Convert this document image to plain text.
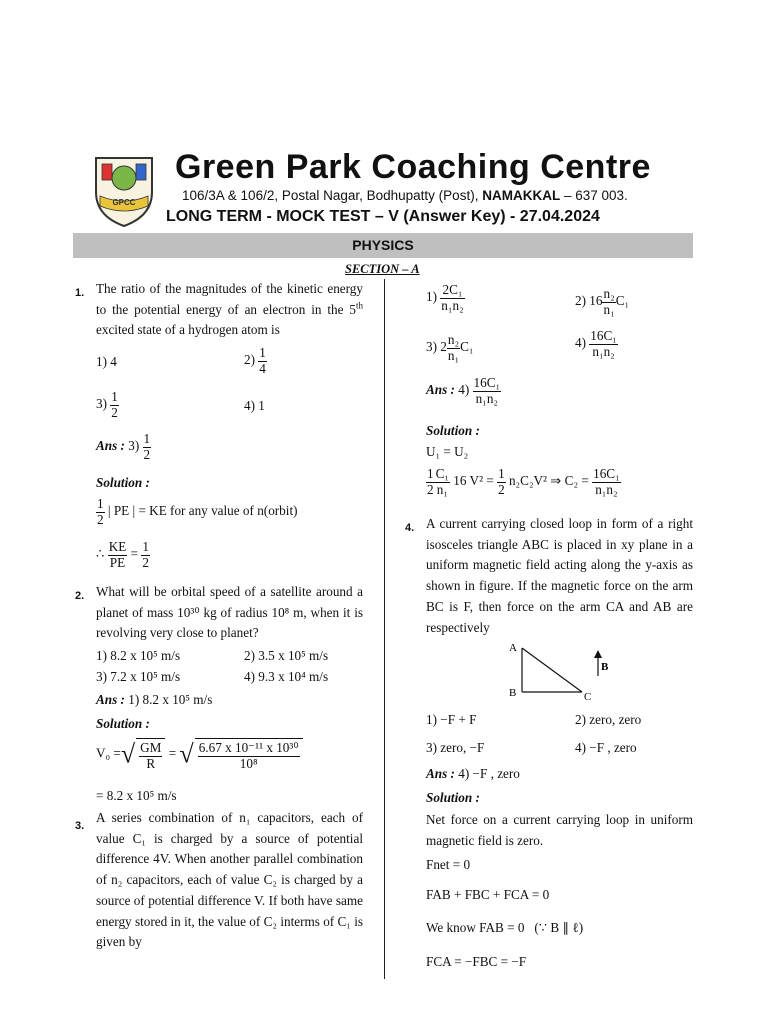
GPCC
Green Park Coaching Centre
106/3A & 106/2, Postal Nagar, Bodhupatty (Post), NAMAKKAL – 637 003.
LONG TERM - MOCK TEST – V (Answer Key) - 27.04.2024
PHYSICS
SECTION – A
1. The ratio of the magnitudes of the kinetic energy to the potential energy of an electron in the 5th excited state of a hydrogen atom is
1) 4	$2) \frac{1}{4}$
$3) \frac{1}{2}$	4) 1
Ans : $3) \frac{1}{2}$
Solution :
$\frac{1}{2}$ | PE | = KE for any value of n(orbit)
∴ $\frac{KE}{PE} = \frac{1}{2}$
2. What will be orbital speed of a satellite around a planet of mass 10³⁰ kg of radius 10⁸ m, when it is revolving very close to planet?
1) 8.2 x 10⁵ m/s	2) 3.5 x 10⁵ m/s
3) 7.2 x 10⁵ m/s	4) 9.3 x 10⁴ m/s
Ans : 1) 8.2 x 10⁵ m/s
Solution :
V₀ =√ $\frac{GM}{R}$ = √ $\frac{\text{6.67 x 10⁻¹¹ x 10³⁰}}{\text{10⁸}}$
= 8.2 x 10⁵ m/s
3.
A series combination of n₁ capacitors, each of value C₁ is charged by a source of potential difference 4V. When another parallel combination of n₂ capacitors, each of value C₂ is charged by a source of potential difference V. If both have same energy stored in it, the value of C₂ interms of C₁ is given by
$1) \frac{\text{2C₁}}{\text{n₁n₂}}$	2) $16 \frac{\text{n₂}}{\text{n₁}} C_1$
3) $2 \frac{\text{n₂}}{\text{n₁}} C_1$	$4) \frac{\text{16C₁}}{\text{n₁n₂}}$
Ans : $4) \frac{\text{16C₁}}{\text{n₁n₂}}$
Solution :
U₁ = U₂
$\frac{1}{2} \frac{\text{C₁}}{\text{n₁}} 16$ $V^2 = \frac{1}{2} n_2C_2V^2$ ⇒ $C_2 = \frac{\text{16C₁}}{\text{n₁n₂}}$
4. A current carrying closed loop in form of a right isosceles triangle ABC is placed in xy plane in a uniform magnetic field acting along the y-axis as shown in figure. If the magnetic force on the arm BC is F, then force on the arm CA and AB are respectively
A
B	C
B
1) −F + F	2) zero, zero
3) zero, −F	4) −F , zero
Ans : 4) −F , zero
Solution :
Net force on a current carrying loop in uniform magnetic field is zero.
Fnet = 0
FAB + FBC + FCA = 0
We know FAB = 0 (∵ B ∥ ℓ)
FCA = −FBC = −F
